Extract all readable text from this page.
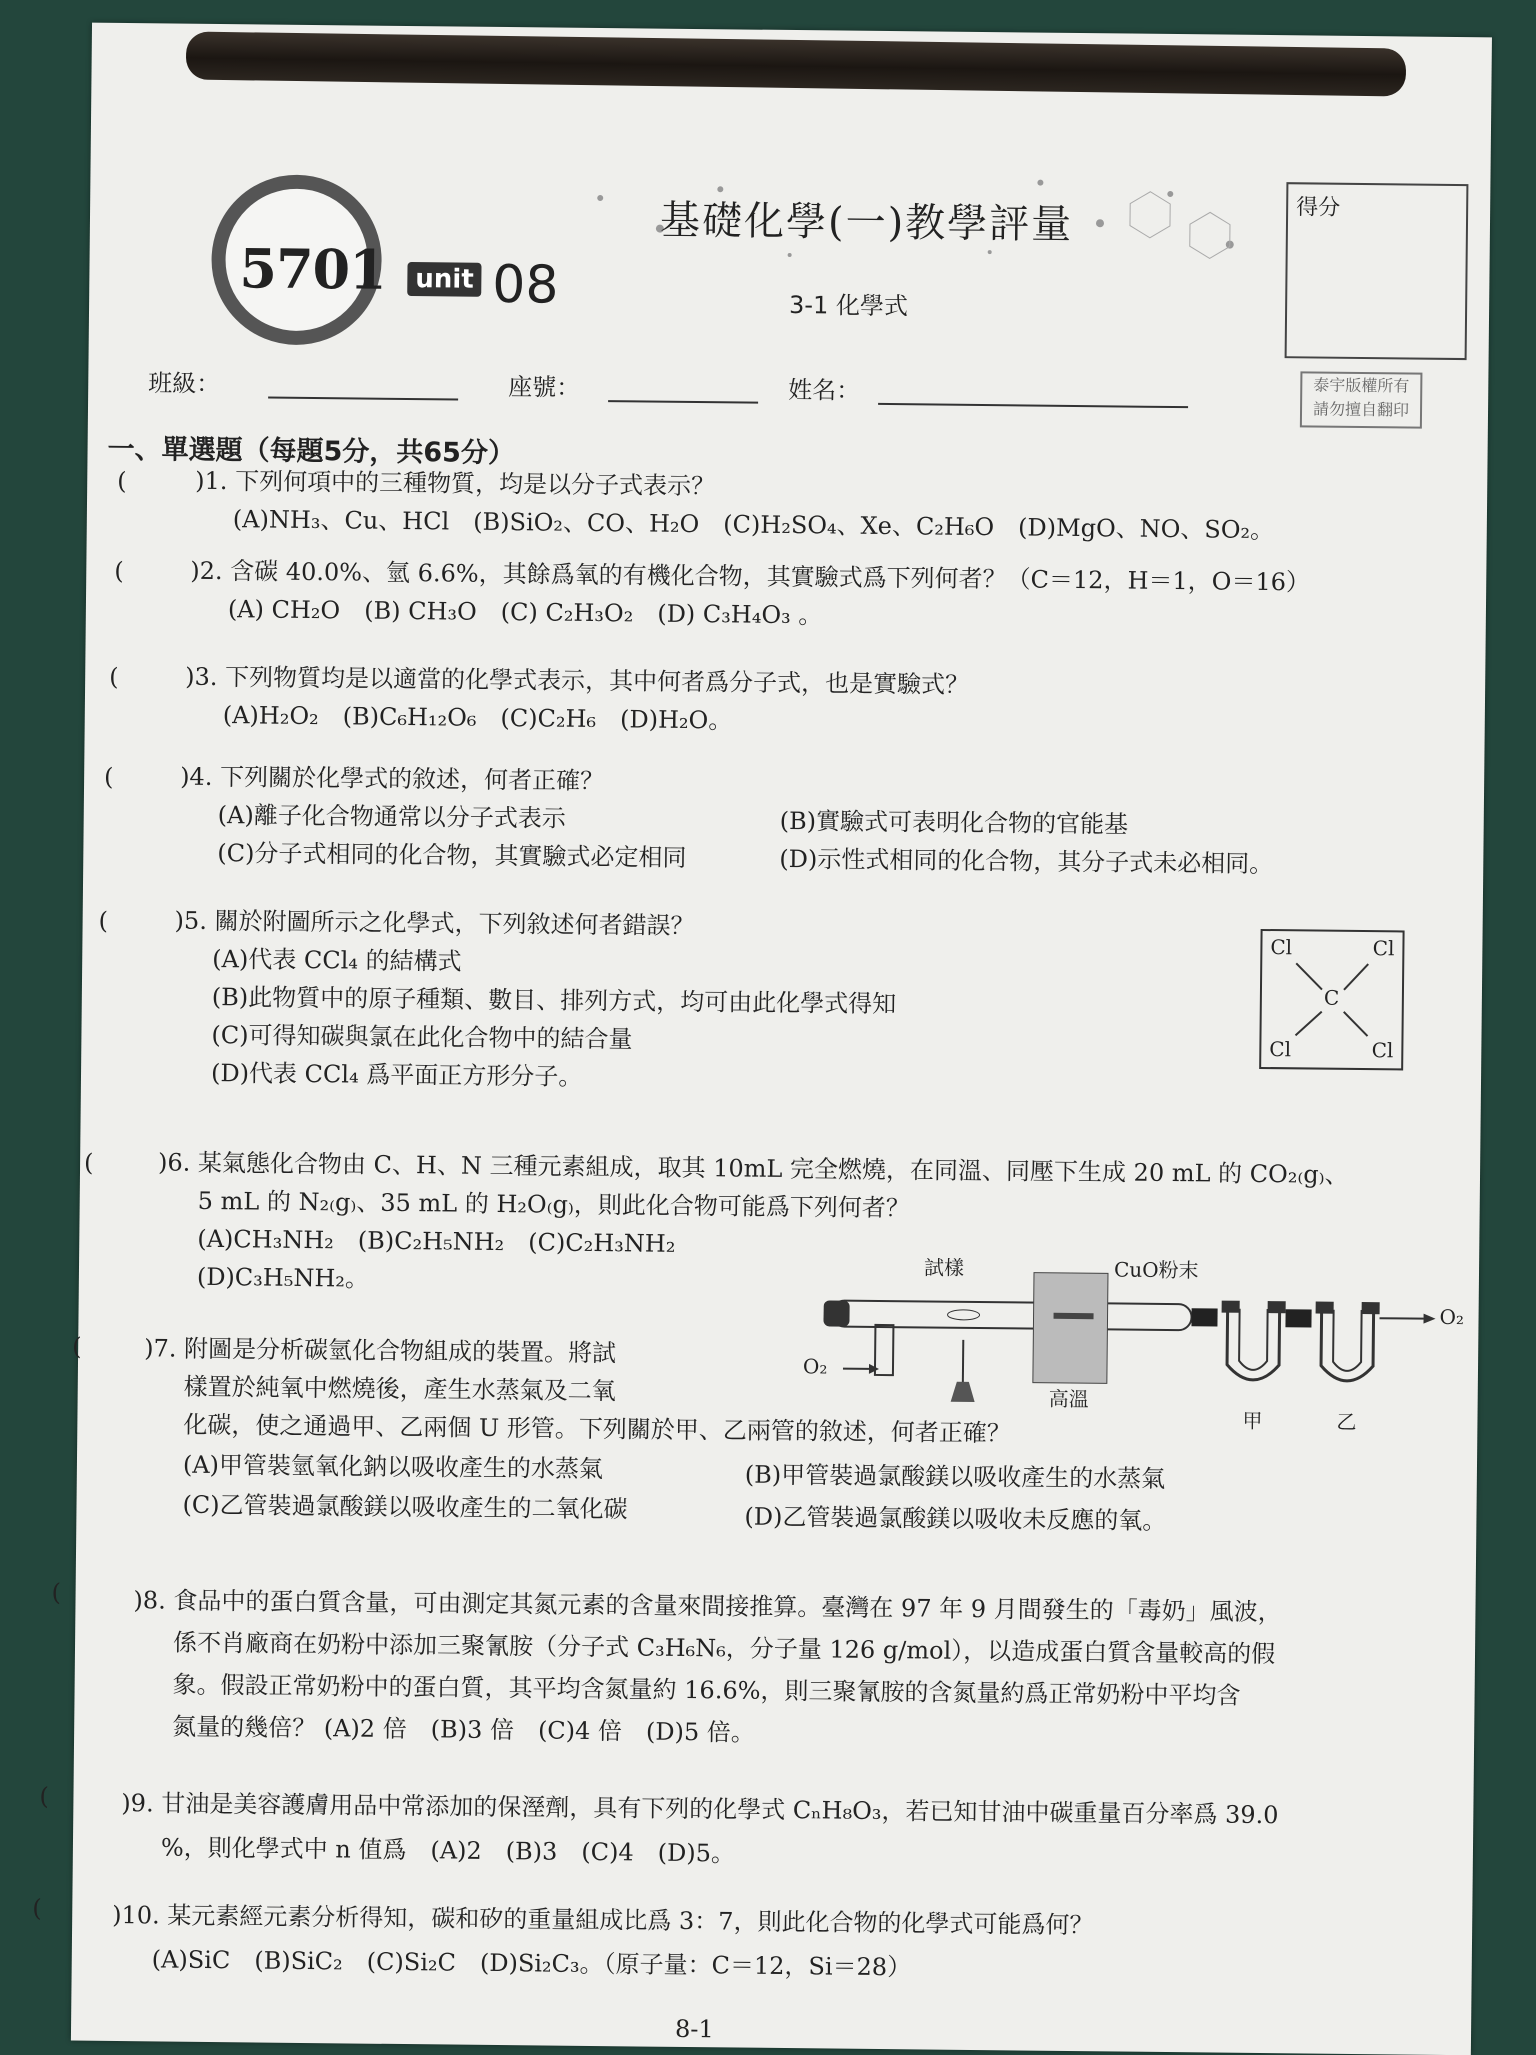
5701	unit 08
基礎化學(一)教學評量
3-1 化學式
得分
泰宇版權所有
請勿擅自翻印
班級：	座號：	姓名：
一、單選題（每題5分，共65分）
(	)1. 下列何項中的三種物質，均是以分子式表示？
(A)NH₃、Cu、HCl　(B)SiO₂、CO、H₂O　(C)H₂SO₄、Xe、C₂H₆O　(D)MgO、NO、SO₂。
(	)2. 含碳 40.0%、氫 6.6%，其餘爲氧的有機化合物，其實驗式爲下列何者？（C＝12，H＝1，O＝16）
(A) CH₂O　(B) CH₃O　(C) C₂H₃O₂　(D) C₃H₄O₃ 。
(	)3. 下列物質均是以適當的化學式表示，其中何者爲分子式，也是實驗式？
(A)H₂O₂　(B)C₆H₁₂O₆　(C)C₂H₆　(D)H₂O。
(	)4. 下列關於化學式的敘述，何者正確？
(A)離子化合物通常以分子式表示	(B)實驗式可表明化合物的官能基
(C)分子式相同的化合物，其實驗式必定相同	(D)示性式相同的化合物，其分子式未必相同。
(	)5. 關於附圖所示之化學式，下列敘述何者錯誤？
(A)代表 CCl₄ 的結構式
(B)此物質中的原子種類、數目、排列方式，均可由此化學式得知
(C)可得知碳與氯在此化合物中的結合量
(D)代表 CCl₄ 爲平面正方形分子。
Cl	Cl
Cl	Cl
C
(	)6. 某氣態化合物由 C、H、N 三種元素組成，取其 10mL 完全燃燒，在同溫、同壓下生成 20 mL 的 CO₂₍g₎、
5 mL 的 N₂₍g₎、35 mL 的 H₂O₍g₎，則此化合物可能爲下列何者？
(A)CH₃NH₂　(B)C₂H₅NH₂　(C)C₂H₃NH₂
(D)C₃H₅NH₂。	試樣	CuO粉末
O₂
O₂
高溫
甲	乙
(	)7. 附圖是分析碳氫化合物組成的裝置。將試
樣置於純氧中燃燒後，產生水蒸氣及二氧
化碳，使之通過甲、乙兩個 U 形管。下列關於甲、乙兩管的敘述，何者正確？
(A)甲管裝氫氧化鈉以吸收產生的水蒸氣	(B)甲管裝過氯酸鎂以吸收產生的水蒸氣
(C)乙管裝過氯酸鎂以吸收產生的二氧化碳	(D)乙管裝過氯酸鎂以吸收未反應的氧。
(	)8. 食品中的蛋白質含量，可由測定其氮元素的含量來間接推算。臺灣在 97 年 9 月間發生的「毒奶」風波，
係不肖廠商在奶粉中添加三聚氰胺（分子式 C₃H₆N₆，分子量 126 g/mol），以造成蛋白質含量較高的假
象。假設正常奶粉中的蛋白質，其平均含氮量約 16.6%，則三聚氰胺的含氮量約爲正常奶粉中平均含
氮量的幾倍？ (A)2 倍　(B)3 倍　(C)4 倍　(D)5 倍。
(	)9. 甘油是美容護膚用品中常添加的保溼劑，具有下列的化學式 CₙH₈O₃，若已知甘油中碳重量百分率爲 39.0
%，則化學式中 n 值爲　(A)2　(B)3　(C)4　(D)5。
(	)10. 某元素經元素分析得知，碳和矽的重量組成比爲 3：7，則此化合物的化學式可能爲何？
(A)SiC　(B)SiC₂　(C)Si₂C　(D)Si₂C₃。（原子量：C＝12，Si＝28）
8-1
